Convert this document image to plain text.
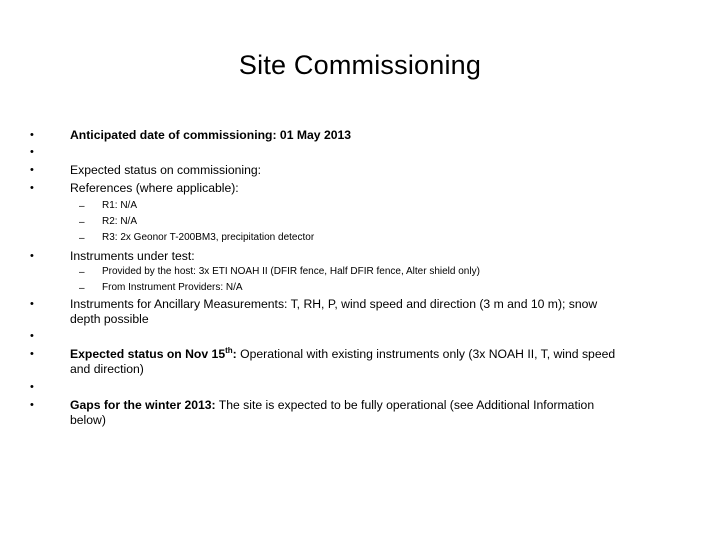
Site Commissioning
•
•
•
•
•
•
•
•
•
•
Anticipated date of commissioning: 01 May 2013
Expected status on commissioning:
References (where applicable):
– R1: N/A
– R2: N/A
– R3: 2x Geonor T-200BM3, precipitation detector
Instruments under test:
– Provided by the host: 3x ETI NOAH II (DFIR fence, Half DFIR fence, Alter shield only)
– From Instrument Providers: N/A
Instruments for Ancillary Measurements: T, RH, P, wind speed and direction (3 m and 10 m); snow
depth possible
Expected status on Nov 15th: Operational with existing instruments only (3x NOAH II, T, wind speed
and direction)
Gaps for the winter 2013: The site is expected to be fully operational (see Additional Information
below)
